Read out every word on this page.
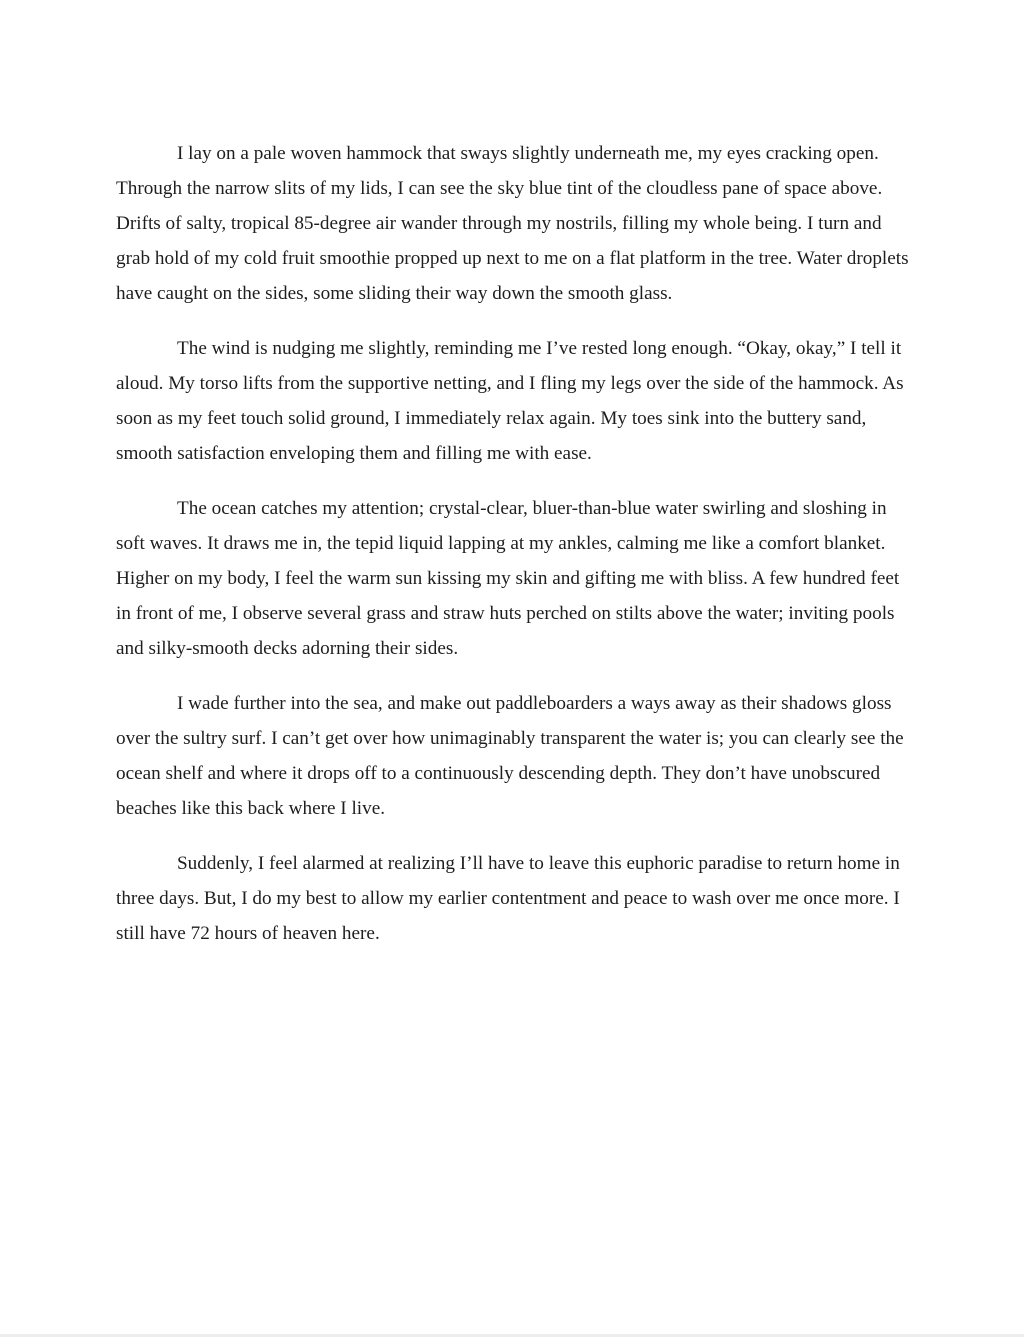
I lay on a pale woven hammock that sways slightly underneath me, my eyes cracking open. Through the narrow slits of my lids, I can see the sky blue tint of the cloudless pane of space above. Drifts of salty, tropical 85-degree air wander through my nostrils, filling my whole being. I turn and grab hold of my cold fruit smoothie propped up next to me on a flat platform in the tree. Water droplets have caught on the sides, some sliding their way down the smooth glass.

The wind is nudging me slightly, reminding me I’ve rested long enough. “Okay, okay,” I tell it aloud. My torso lifts from the supportive netting, and I fling my legs over the side of the hammock. As soon as my feet touch solid ground, I immediately relax again. My toes sink into the buttery sand, smooth satisfaction enveloping them and filling me with ease.

The ocean catches my attention; crystal-clear, bluer-than-blue water swirling and sloshing in soft waves. It draws me in, the tepid liquid lapping at my ankles, calming me like a comfort blanket. Higher on my body, I feel the warm sun kissing my skin and gifting me with bliss. A few hundred feet in front of me, I observe several grass and straw huts perched on stilts above the water; inviting pools and silky-smooth decks adorning their sides.

I wade further into the sea, and make out paddleboarders a ways away as their shadows gloss over the sultry surf. I can’t get over how unimaginably transparent the water is; you can clearly see the ocean shelf and where it drops off to a continuously descending depth. They don’t have unobscured beaches like this back where I live.

Suddenly, I feel alarmed at realizing I’ll have to leave this euphoric paradise to return home in three days. But, I do my best to allow my earlier contentment and peace to wash over me once more. I still have 72 hours of heaven here.
